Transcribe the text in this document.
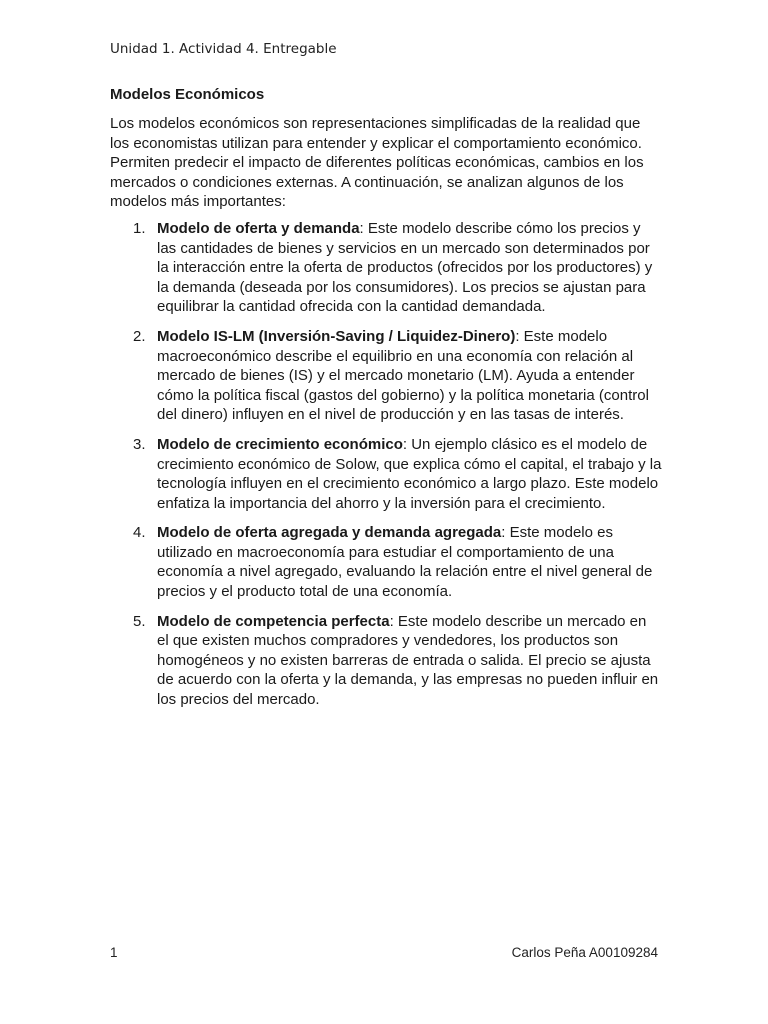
Unidad 1. Actividad 4. Entregable
Modelos Económicos

Los modelos económicos son representaciones simplificadas de la realidad que los economistas utilizan para entender y explicar el comportamiento económico. Permiten predecir el impacto de diferentes políticas económicas, cambios en los mercados o condiciones externas. A continuación, se analizan algunos de los modelos más importantes:

1. Modelo de oferta y demanda: Este modelo describe cómo los precios y las cantidades de bienes y servicios en un mercado son determinados por la interacción entre la oferta de productos (ofrecidos por los productores) y la demanda (deseada por los consumidores). Los precios se ajustan para equilibrar la cantidad ofrecida con la cantidad demandada.
2. Modelo IS-LM (Inversión-Saving / Liquidez-Dinero): Este modelo macroeconómico describe el equilibrio en una economía con relación al mercado de bienes (IS) y el mercado monetario (LM). Ayuda a entender cómo la política fiscal (gastos del gobierno) y la política monetaria (control del dinero) influyen en el nivel de producción y en las tasas de interés.
3. Modelo de crecimiento económico: Un ejemplo clásico es el modelo de crecimiento económico de Solow, que explica cómo el capital, el trabajo y la tecnología influyen en el crecimiento económico a largo plazo. Este modelo enfatiza la importancia del ahorro y la inversión para el crecimiento.
4. Modelo de oferta agregada y demanda agregada: Este modelo es utilizado en macroeconomía para estudiar el comportamiento de una economía a nivel agregado, evaluando la relación entre el nivel general de precios y el producto total de una economía.
5. Modelo de competencia perfecta: Este modelo describe un mercado en el que existen muchos compradores y vendedores, los productos son homogéneos y no existen barreras de entrada o salida. El precio se ajusta de acuerdo con la oferta y la demanda, y las empresas no pueden influir en los precios del mercado.
1	Carlos Peña A00109284
